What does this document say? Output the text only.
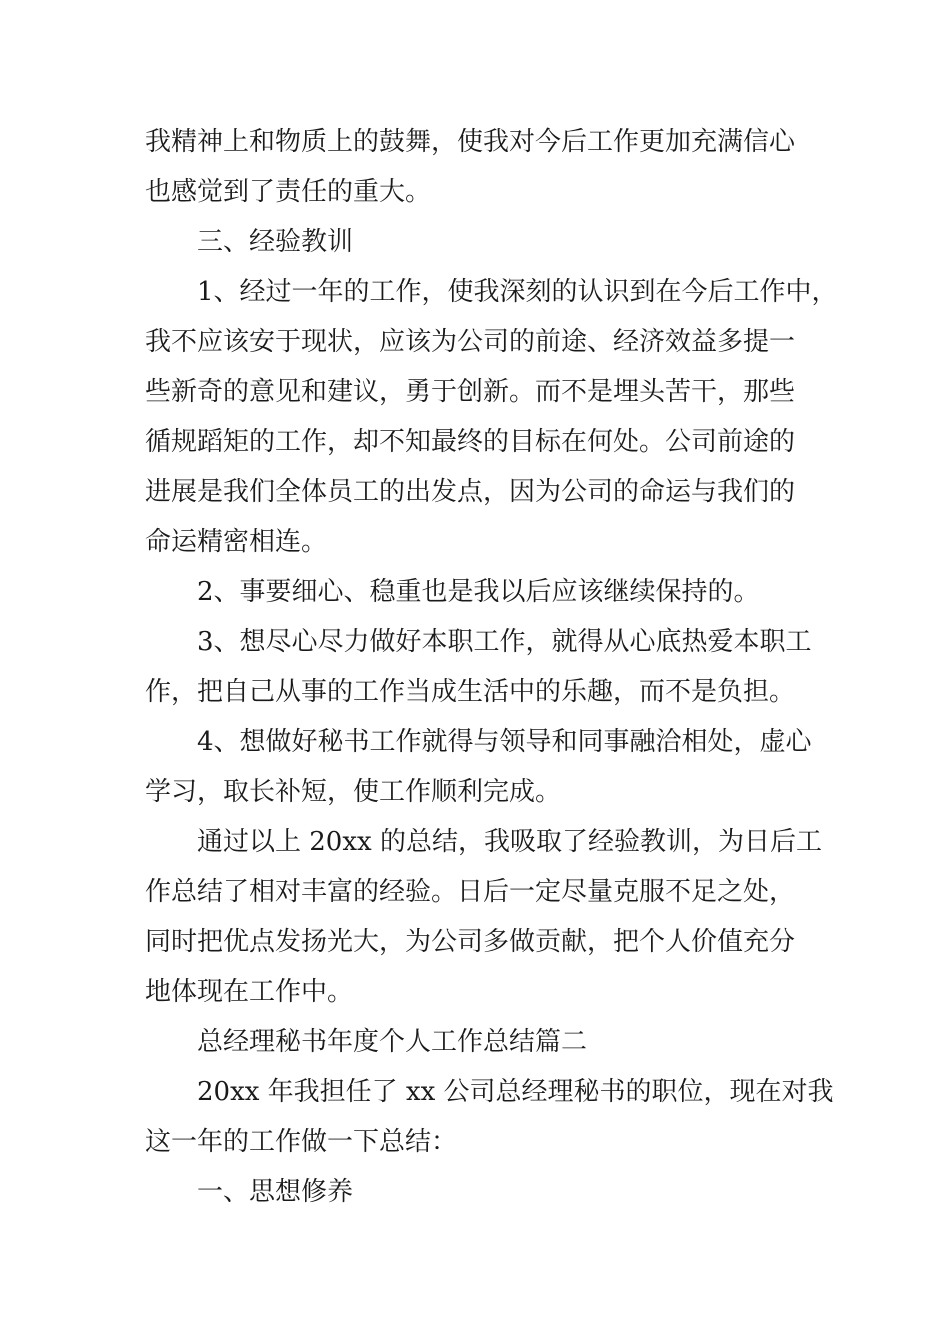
我精神上和物质上的鼓舞，使我对今后工作更加充满信心
也感觉到了责任的重大。
三、经验教训
1、经过一年的工作，使我深刻的认识到在今后工作中，
我不应该安于现状，应该为公司的前途、经济效益多提一
些新奇的意见和建议，勇于创新。而不是埋头苦干，那些
循规蹈矩的工作，却不知最终的目标在何处。公司前途的
进展是我们全体员工的出发点，因为公司的命运与我们的
命运精密相连。
2、事要细心、稳重也是我以后应该继续保持的。
3、想尽心尽力做好本职工作，就得从心底热爱本职工
作，把自己从事的工作当成生活中的乐趣，而不是负担。
4、想做好秘书工作就得与领导和同事融洽相处，虚心
学习，取长补短，使工作顺利完成。
通过以上 20xx 的总结，我吸取了经验教训，为日后工
作总结了相对丰富的经验。日后一定尽量克服不足之处，
同时把优点发扬光大，为公司多做贡献，把个人价值充分
地体现在工作中。
总经理秘书年度个人工作总结篇二
20xx 年我担任了 xx 公司总经理秘书的职位，现在对我
这一年的工作做一下总结：
一、思想修养
